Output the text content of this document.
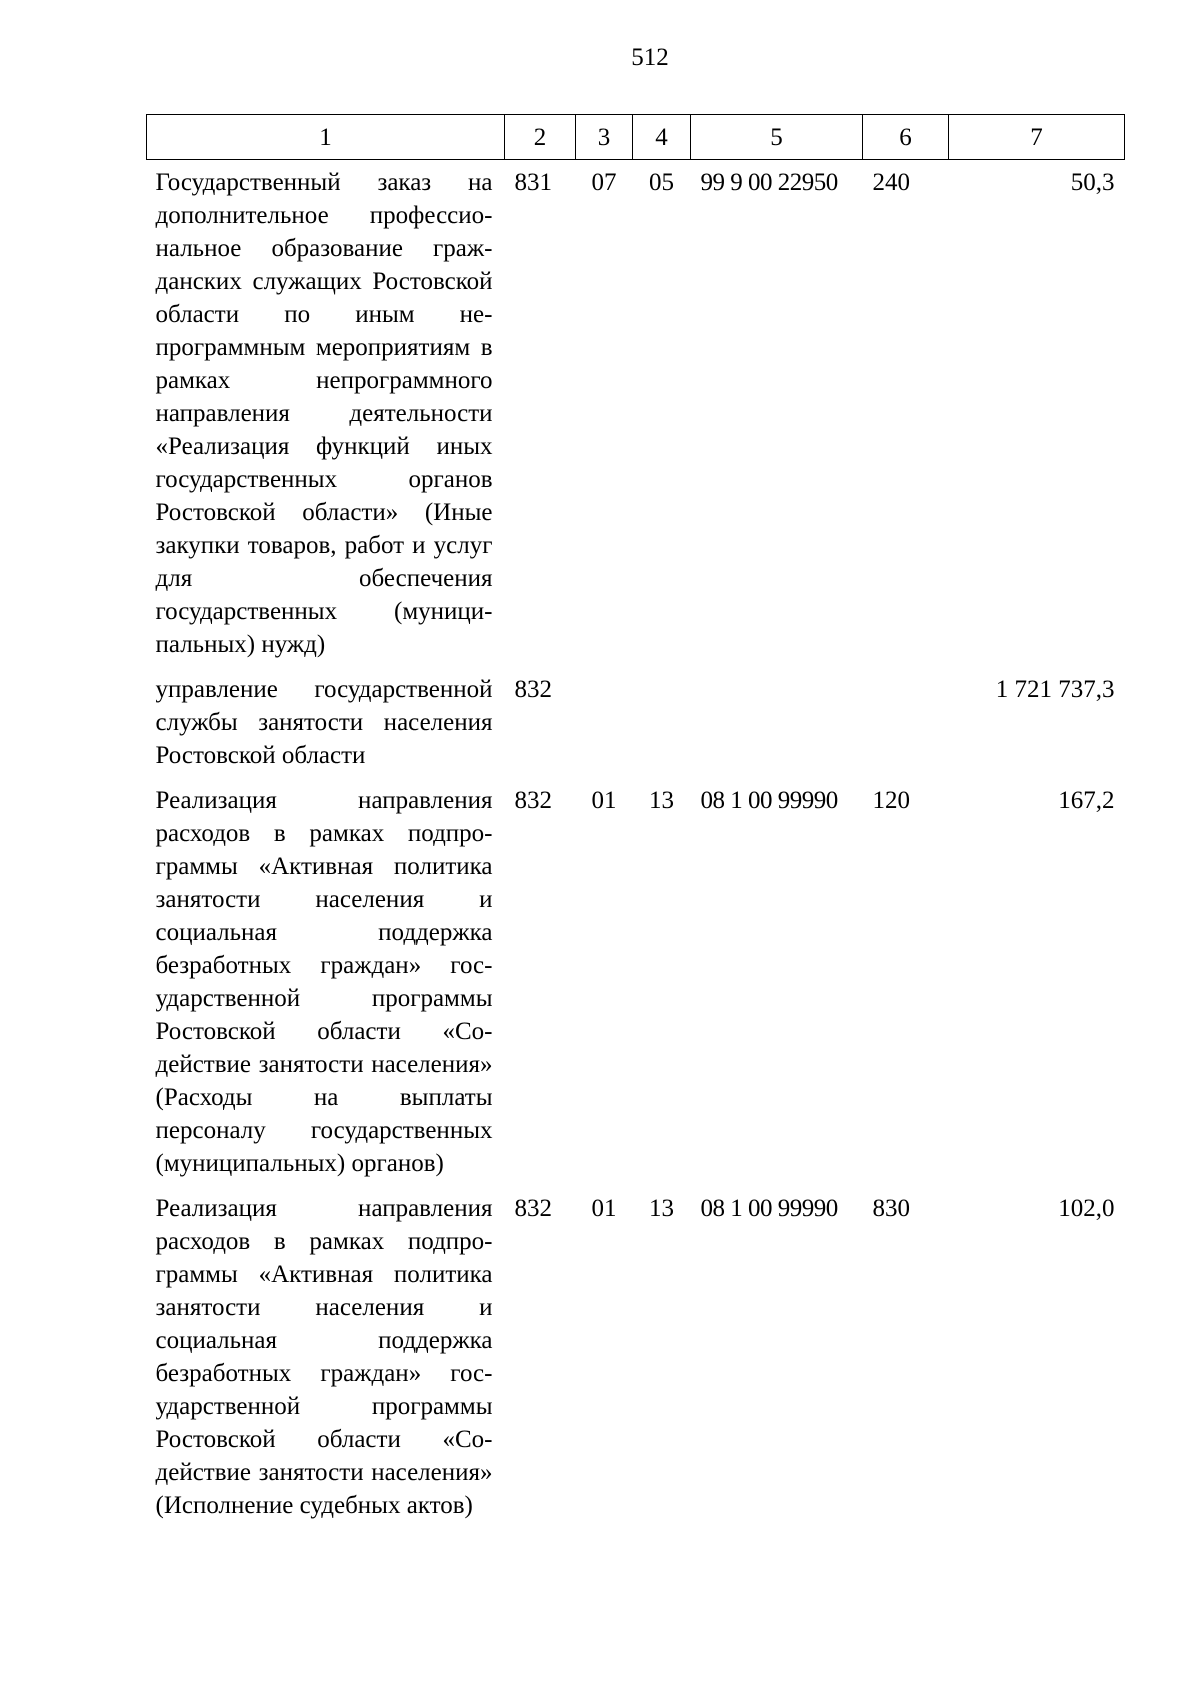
512
1	2	3	4	5	6	7
Государственный заказ на дополнительное профессиональное образование гражданских служащих Ростовской области по иным непрограммным мероприятиям в рамках непрограммного направления деятельности «Реализация функций иных государственных органов Ростовской области» (Иные закупки товаров, работ и услуг для обеспечения государственных (муниципальных) нужд)	831	07	05	99 9 00 22950	240	50,3
управление государственной службы занятости населения Ростовской области	832					1 721 737,3
Реализация направления расходов в рамках подпрограммы «Активная политика занятости населения и социальная поддержка безработных граждан» государственной программы Ростовской области «Содействие занятости населения» (Расходы на выплаты персоналу государственных (муниципальных) органов)	832	01	13	08 1 00 99990	120	167,2
Реализация направления расходов в рамках подпрограммы «Активная политика занятости населения и социальная поддержка безработных граждан» государственной программы Ростовской области «Содействие занятости населения» (Исполнение судебных актов)	832	01	13	08 1 00 99990	830	102,0
